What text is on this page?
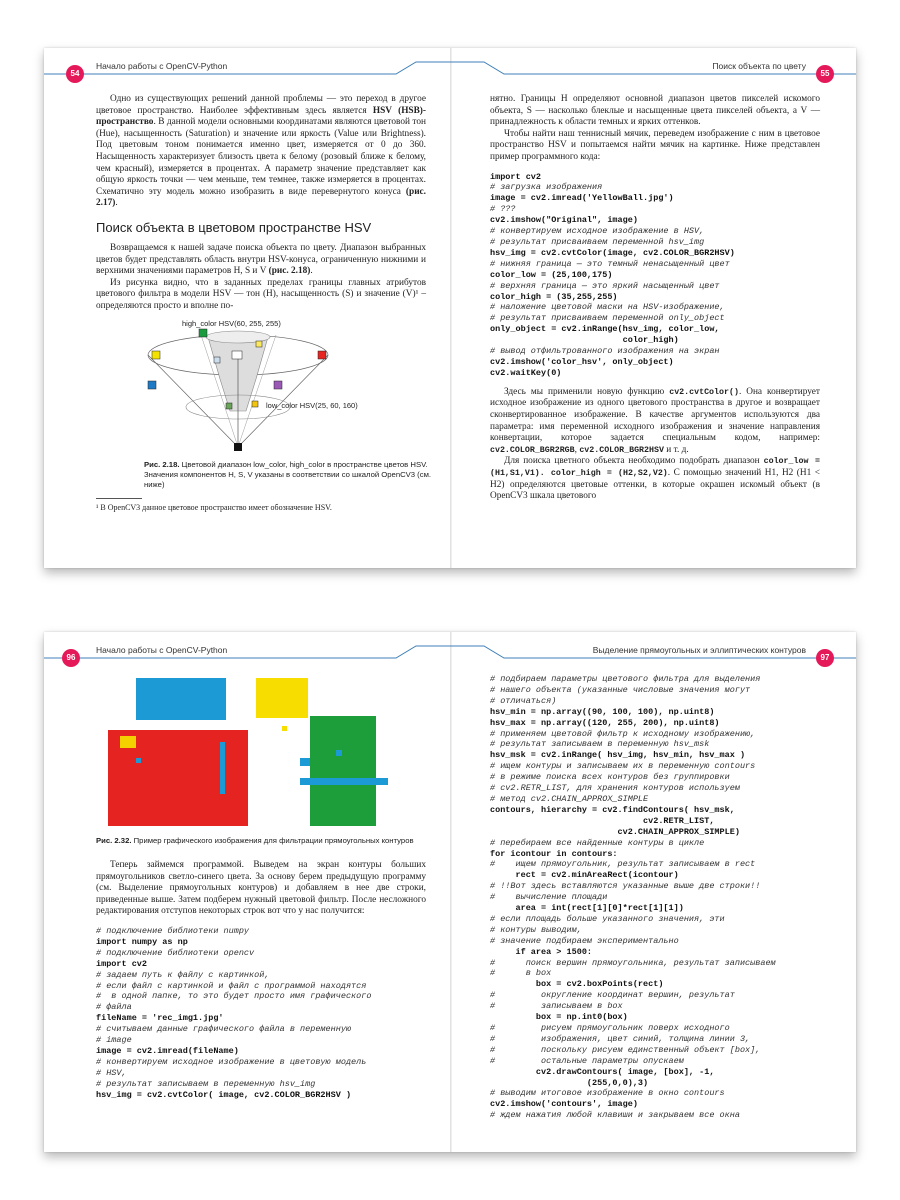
54
Начало работы с OpenCV-Python	Поиск объекта по цвету
55

Одно из существующих решений данной проблемы — это переход в другое цветовое пространство. Наиболее эффективным здесь является HSV (HSB)-пространство. В данной модели основными координатами являются цветовой тон (Hue), насыщенность (Saturation) и значение или яркость (Value или Brightness). Под цветовым тоном понимается именно цвет, измеряется от 0 до 360. Насыщенность характеризует близость цвета к белому (розовый ближе к белому, чем красный), измеряется в процентах. А параметр значение представляет как общую яркость точки — чем меньше, тем темнее, также измеряется в процентах. Схематично эту модель можно изобразить в виде перевернутого конуса (рис. 2.17).

Поиск объекта в цветовом пространстве HSV

Возвращаемся к нашей задаче поиска объекта по цвету. Диапазон выбранных цветов будет представлять область внутри HSV-конуса, ограниченную нижними и верхними значениями параметров H, S и V (рис. 2.18).

Из рисунка видно, что в заданных пределах границы главных атрибутов цветового фильтра в модели HSV — тон (H), насыщенность (S) и значение (V)¹ – определяются просто и вполне по-

high_color HSV(60, 255, 255)
low_color HSV(25, 60, 160)
Рис. 2.18. Цветовой диапазон low_color, high_color в пространстве цветов HSV. Значения компонентов H, S, V указаны в соответствии со шкалой OpenCV3 (см. ниже)
¹ В OpenCV3 данное цветовое пространство имеет обозначение HSV.

нятно. Границы H определяют основной диапазон цветов пикселей искомого объекта, S — насколько блеклые и насыщенные цвета пикселей объекта, а V — принадлежность к области темных и ярких оттенков.

Чтобы найти наш теннисный мячик, переведем изображение с ним в цветовое пространство HSV и попытаемся найти мячик на картинке. Ниже представлен пример программного кода:

import cv2
# загрузка изображения
image = cv2.imread('YellowBall.jpg')
# ???
cv2.imshow("Original", image)
# конвертируем исходное изображение в HSV,
# результат присваиваем переменной hsv_img
hsv_img = cv2.cvtColor(image, cv2.COLOR_BGR2HSV)
# нижняя граница — это темный ненасыщенный цвет
color_low = (25,100,175)
# верхняя граница — это яркий насыщенный цвет
color_high = (35,255,255)
# наложение цветовой маски на HSV-изображение,
# результат присваиваем переменной only_object
only_object = cv2.inRange(hsv_img, color_low,
color_high)
# вывод отфильтрованного изображения на экран
cv2.imshow('color_hsv', only_object)
cv2.waitKey(0)

Здесь мы применили новую функцию cv2.cvtColor(). Она конвертирует исходное изображение из одного цветового пространства в другое и возвращает сконвертированное изображение. В качестве аргументов используются два параметра: имя переменной исходного изображения и значение направления конвертации, которое задается специальным кодом, например: cv2.COLOR_BGR2RGB, cv2.COLOR_BGR2HSV и т. д.

Для поиска цветного объекта необходимо подобрать диапазон color_low =(H1,S1,V1). color_high = (H2,S2,V2). С помощью значений H1, H2 (H1 < H2) определяются цветовые оттенки, в которые окрашен искомый объект (в OpenCV3 шкала цветового

96
Начало работы с OpenCV-Python	Выделение прямоугольных и эллиптических контуров
97
Рис. 2.32. Пример графического изображения для фильтрации прямоугольных контуров

Теперь займемся программой. Выведем на экран контуры больших прямоугольников светло-синего цвета. За основу берем предыдущую программу (см. Выделение прямоугольных контуров) и добавляем в нее две строки, приведенные выше. Затем подберем нужный цветовой фильтр. После несложного редактирования отступов некоторых строк вот что у нас получится:

# подключение библиотеки numpy
import numpy as np
# подключение библиотеки opencv
import cv2
# задаем путь к файлу с картинкой,
# если файл с картинкой и файл с программой находятся
#  в одной папке, то это будет просто имя графического
# файла
fileName = 'rec_img1.jpg'
# считываем данные графического файла в переменную
# image
image = cv2.imread(fileName)
# конвертируем исходное изображение в цветовую модель
# HSV,
# результат записываем в переменную hsv_img
hsv_img = cv2.cvtColor( image, cv2.COLOR_BGR2HSV )
# подбираем параметры цветового фильтра для выделения
# нашего объекта (указанные числовые значения могут
# отличаться)
hsv_min = np.array((90, 100, 100), np.uint8)
hsv_max = np.array((120, 255, 200), np.uint8)
# применяем цветовой фильтр к исходному изображению,
# результат записываем в переменную hsv_msk
hsv_msk = cv2.inRange( hsv_img, hsv_min, hsv_max )
# ищем контуры и записываем их в переменную contours
# в режиме поиска всех контуров без группировки
# cv2.RETR_LIST, для хранения контуров используем
# метод cv2.CHAIN_APPROX_SIMPLE
contours, hierarchy = cv2.findContours( hsv_msk,
cv2.RETR_LIST,
cv2.CHAIN_APPROX_SIMPLE)
# перебираем все найденные контуры в цикле
for icontour in contours:
#    ищем прямоугольник, результат записываем в rect
rect = cv2.minAreaRect(icontour)
# !!Вот здесь вставляются указанные выше две строки!!
#    вычисление площади
area = int(rect[1][0]*rect[1][1])
# если площадь больше указанного значения, эти
# контуры выводим,
# значение подбираем экспериментально
if area > 1500:
#      поиск вершин прямоугольника, результат записываем
#      в box
box = cv2.boxPoints(rect)
#         округление координат вершин, результат
#         записываем в box
box = np.int0(box)
#         рисуем прямоугольник поверх исходного
#         изображения, цвет синий, толщина линии 3,
#         поскольку рисуем единственный объект [box],
#         остальные параметры опускаем
cv2.drawContours( image, [box], -1,
(255,0,0),3)
# выводим итоговое изображение в окно contours
cv2.imshow('contours', image)
# ждем нажатия любой клавиши и закрываем все окна
